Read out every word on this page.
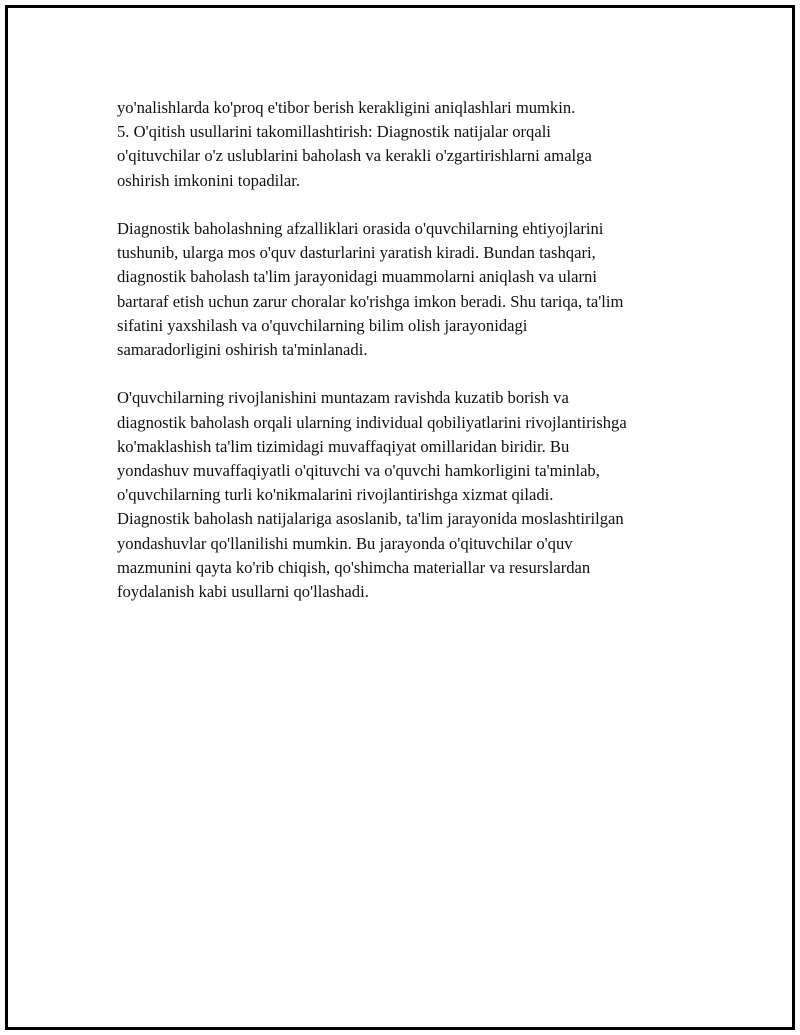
yo'nalishlarda ko'proq e'tibor berish kerakligini aniqlashlari mumkin.
5. O'qitish usullarini takomillashtirish: Diagnostik natijalar orqali
o'qituvchilar o'z uslublarini baholash va kerakli o'zgartirishlarni amalga
oshirish imkonini topadilar.

Diagnostik baholashning afzalliklari orasida o'quvchilarning ehtiyojlarini
tushunib, ularga mos o'quv dasturlarini yaratish kiradi. Bundan tashqari,
diagnostik baholash ta'lim jarayonidagi muammolarni aniqlash va ularni
bartaraf etish uchun zarur choralar ko'rishga imkon beradi. Shu tariqa, ta'lim
sifatini yaxshilash va o'quvchilarning bilim olish jarayonidagi
samaradorligini oshirish ta'minlanadi.

O'quvchilarning rivojlanishini muntazam ravishda kuzatib borish va
diagnostik baholash orqali ularning individual qobiliyatlarini rivojlantirishga
ko'maklashish ta'lim tizimidagi muvaffaqiyat omillaridan biridir. Bu
yondashuv muvaffaqiyatli o'qituvchi va o'quvchi hamkorligini ta'minlab,
o'quvchilarning turli ko'nikmalarini rivojlantirishga xizmat qiladi.
Diagnostik baholash natijalariga asoslanib, ta'lim jarayonida moslashtirilgan
yondashuvlar qo'llanilishi mumkin. Bu jarayonda o'qituvchilar o'quv
mazmunini qayta ko'rib chiqish, qo'shimcha materiallar va resurslardan
foydalanish kabi usullarni qo'llashadi.
